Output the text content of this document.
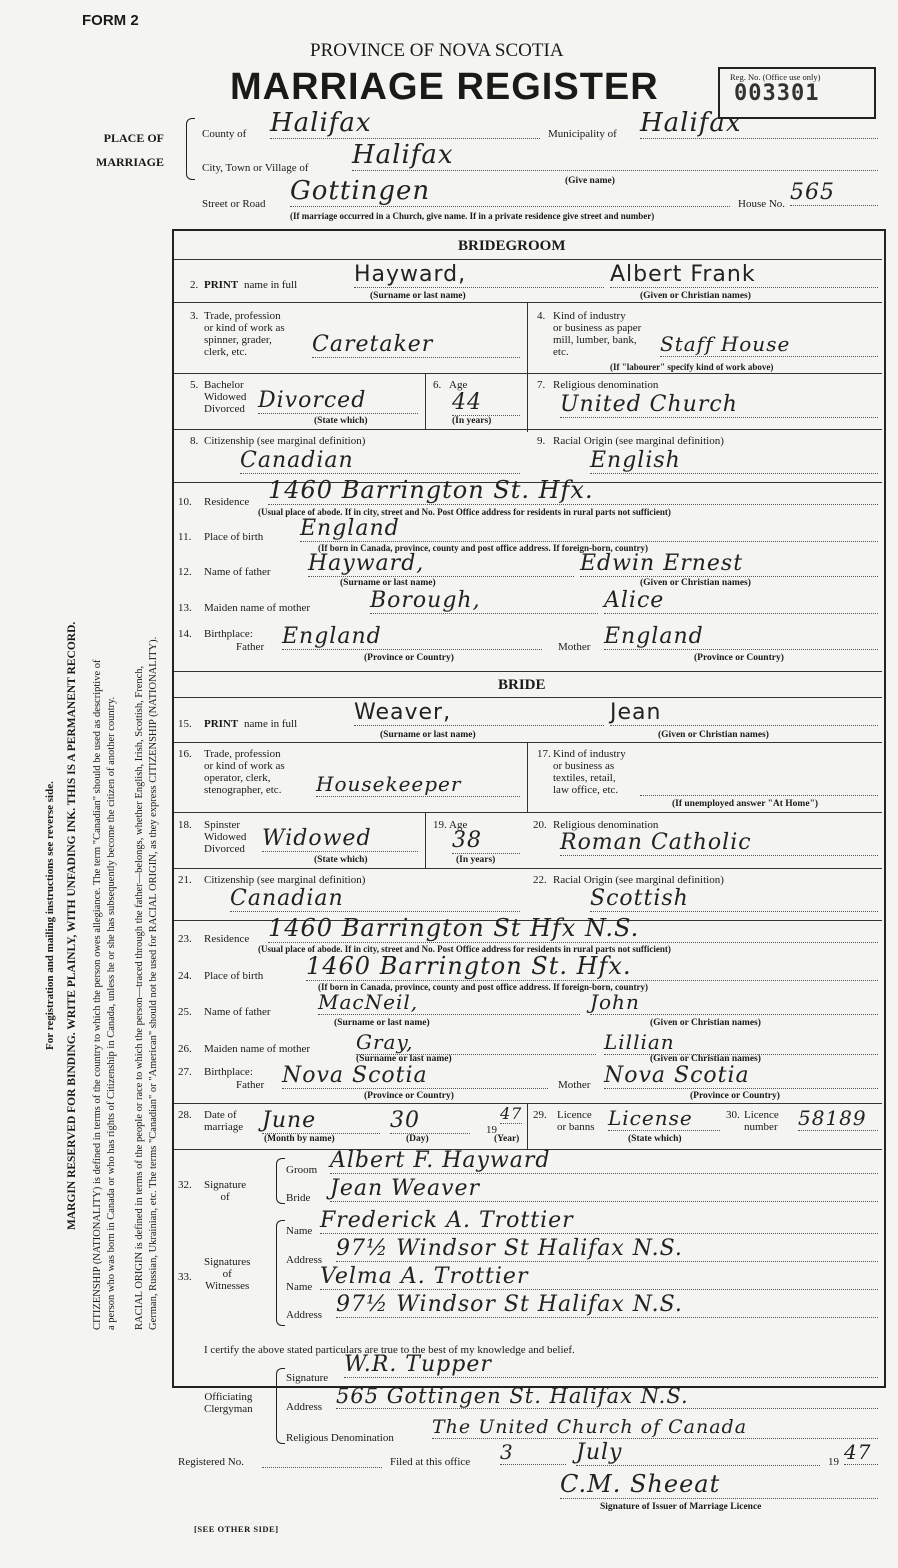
For registration and mailing instructions see reverse side. MARGIN RESERVED FOR BINDING. WRITE PLAINLY, WITH UNFADING INK. THIS IS A PERMANENT RECORD. CITIZENSHIP (NATIONALITY) is defined in terms of the country to which the person owes allegiance. The term "Canadian" should be used as descriptive of a person who was born in Canada or who has rights of Citizenship in Canada, unless he or she has subsequently become the citizen of another country. RACIAL ORIGIN is defined in terms of the people or race to which the person—traced through the father—belongs, whether English, Irish, Scottish, French, German, Russian, Ukrainian, etc. The terms "Canadian" or "American" should not be used for RACIAL ORIGIN, as they express CITIZENSHIP (NATIONALITY).
FORM 2
PROVINCE OF NOVA SCOTIA
MARRIAGE REGISTER	Reg. No. (Office use only)
003301
PLACE OF
MARRIAGE
County of Halifax	Municipality of Halifax
City, Town or Village of Halifax
(Give name)
Street or Road Gottingen	House No. 565
(If marriage occurred in a Church, give name. If in a private residence give street and number)
BRIDEGROOM
2. PRINT name in full	Hayward,	Albert Frank
(Surname or last name)	(Given or Christian names)
3. Trade, profession
or kind of work as
spinner, grader,
clerk, etc.	Caretaker
4. Kind of industry
or business as paper
mill, lumber, bank,
etc.	Staff House
(If "labourer" specify kind of work above)
5. Bachelor
Widowed
Divorced Divorced
(State which)
6. Age
44
(In years)
7. Religious denomination
United Church
8. Citizenship (see marginal definition)
Canadian
9. Racial Origin (see marginal definition)
English
10. Residence 1460 Barrington St. Hfx.
(Usual place of abode. If in city, street and No. Post Office address for residents in rural parts not sufficient)
11. Place of birth England
(If born in Canada, province, county and post office address. If foreign-born, country)
12. Name of father Hayward,	Edwin Ernest
(Surname or last name)	(Given or Christian names)
13. Maiden name of mother	Borough,	Alice
14. Birthplace:
Father England
(Province or Country)
Mother England
(Province or Country)
BRIDE
15. PRINT name in full	Weaver,	Jean
(Surname or last name)	(Given or Christian names)
16. Trade, profession
or kind of work as
operator, clerk,
stenographer, etc. Housekeeper
17. Kind of industry
or business as
textiles, retail,
law office, etc.
(If unemployed answer "At Home")
18. Spinster
Widowed
Divorced Widowed
(State which)
19. Age
38
(In years)
20. Religious denomination
Roman Catholic
21. Citizenship (see marginal definition)
Canadian
22. Racial Origin (see marginal definition)
Scottish
23. Residence 1460 Barrington St Hfx N.S.
(Usual place of abode. If in city, street and No. Post Office address for residents in rural parts not sufficient)
24. Place of birth 1460 Barrington St. Hfx.
(If born in Canada, province, county and post office address. If foreign-born, country)
25. Name of father MacNeil,	John
(Surname or last name)	(Given or Christian names)
26. Maiden name of mother Gray,	Lillian
(Surname or last name)	(Given or Christian names)
27. Birthplace:
Father Nova Scotia
(Province or Country)
Mother Nova Scotia
(Province or Country)
28. Date of
marriage June	30	19
47
(Month by name)	(Day)	(Year)
29. Licence
or banns License
(State which)
30. Licence
number 58189
32. Signature
of
Groom Albert F. Hayward
Bride Jean Weaver
33.
Signatures
of
Witnesses
Name Frederick A. Trottier
Address 97½ Windsor St Halifax N.S.
Name Velma A. Trottier
Address 97½ Windsor St Halifax N.S.
I certify the above stated particulars are true to the best of my knowledge and belief.
Officiating
Clergyman
Signature
W.R. Tupper
Address 565 Gottingen St. Halifax N.S.
Religious Denomination The United Church of Canada
Registered No.	Filed at this office 3	July	19 47
C.M. Sheeat
Signature of Issuer of Marriage Licence
[SEE OTHER SIDE]
